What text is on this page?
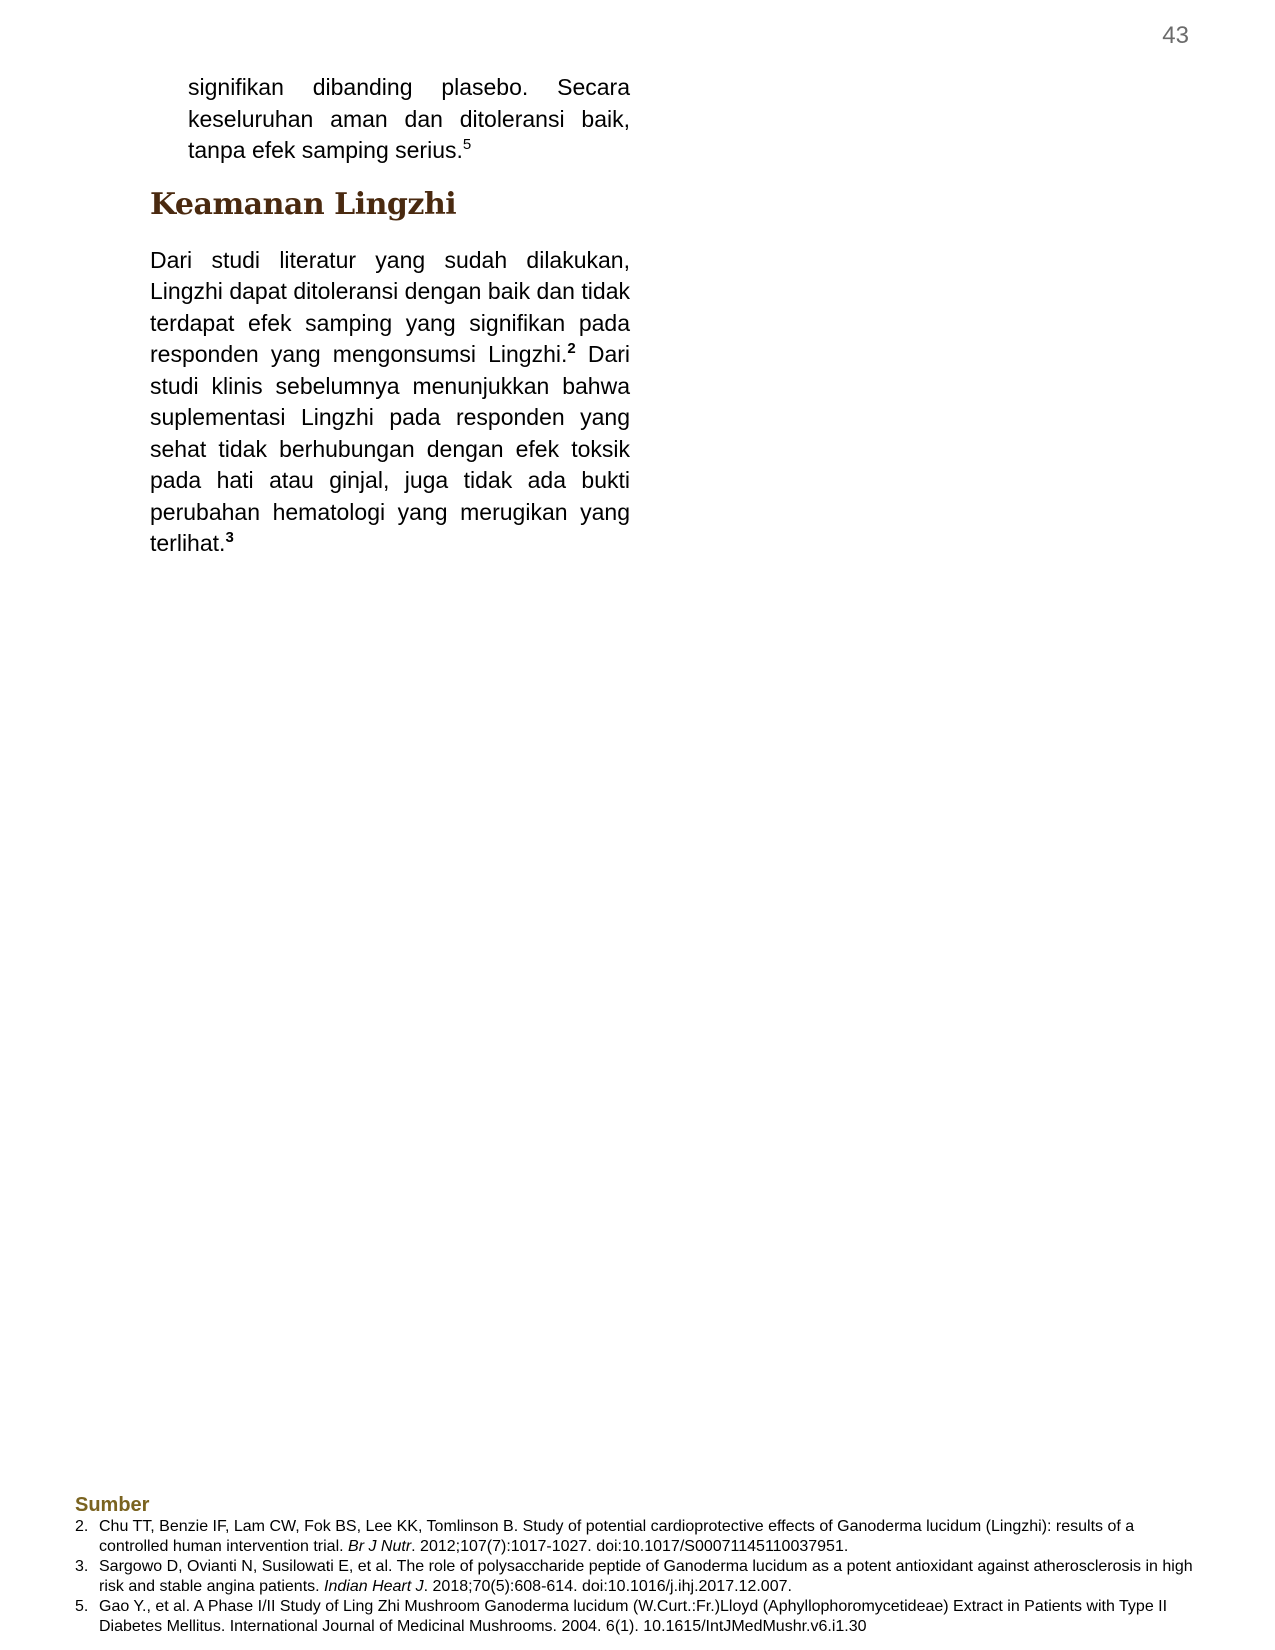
43

signifikan dibanding plasebo. Secara keseluruhan aman dan ditoleransi baik, tanpa efek samping serius.$^5$

Keamanan Lingzhi

Dari studi literatur yang sudah dilakukan, Lingzhi dapat ditoleransi dengan baik dan tidak terdapat efek samping yang signifikan pada responden yang mengonsumsi Lingzhi.$^2$ Dari studi klinis sebelumnya menunjukkan bahwa suplementasi Lingzhi pada responden yang sehat tidak berhubungan dengan efek toksik pada hati atau ginjal, juga tidak ada bukti perubahan hematologi yang merugikan yang terlihat.$^3$

Sumber
2. Chu TT, Benzie IF, Lam CW, Fok BS, Lee KK, Tomlinson B. Study of potential cardioprotective effects of Ganoderma lucidum (Lingzhi): results of a controlled human intervention trial. Br J Nutr. 2012;107(7):1017-1027. doi:10.1017/S00071145110037951.
3. Sargowo D, Ovianti N, Susilowati E, et al. The role of polysaccharide peptide of Ganoderma lucidum as a potent antioxidant against atherosclerosis in high risk and stable angina patients. Indian Heart J. 2018;70(5):608-614. doi:10.1016/j.ihj.2017.12.007.
5. Gao Y., et al. A Phase I/II Study of Ling Zhi Mushroom Ganoderma lucidum (W.Curt.:Fr.)Lloyd (Aphyllophoromycetideae) Extract in Patients with Type II Diabetes Mellitus. International Journal of Medicinal Mushrooms. 2004. 6(1). 10.1615/IntJMedMushr.v6.i1.30
